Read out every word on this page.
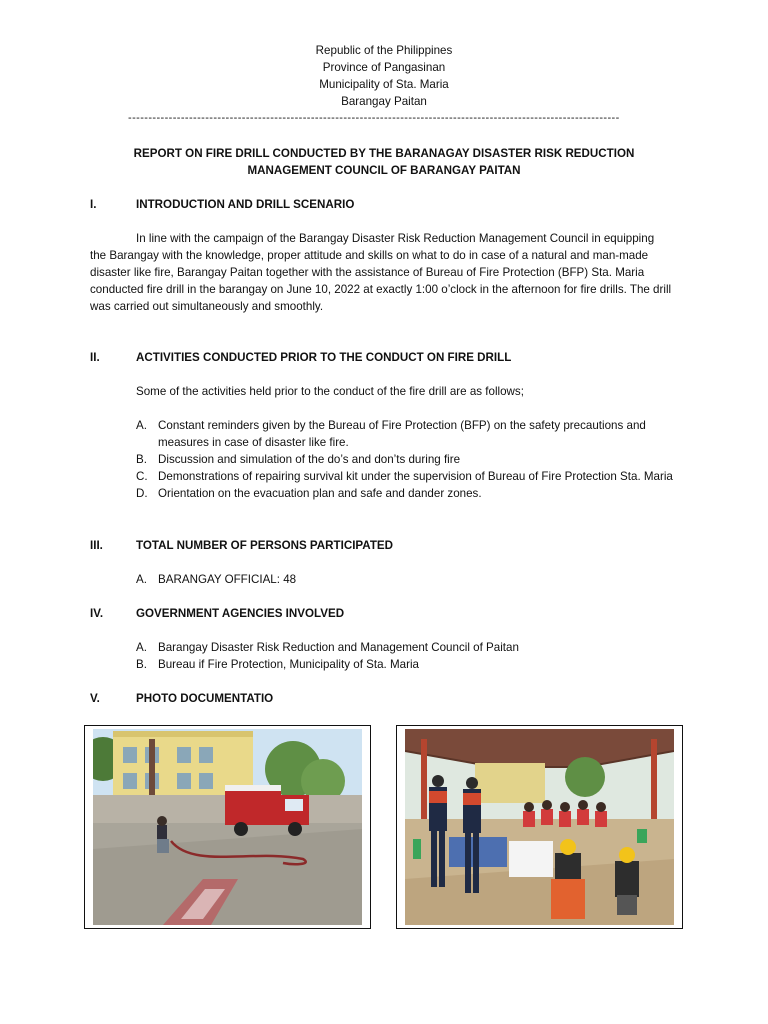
Republic of the Philippines
Province of Pangasinan
Municipality of Sta. Maria
Barangay Paitan
-------------------------------------------------------------------------------------------------------------------------
REPORT ON FIRE DRILL CONDUCTED BY THE BARANAGAY DISASTER RISK REDUCTION
MANAGEMENT COUNCIL OF BARANGAY PAITAN
I.	INTRODUCTION AND DRILL SCENARIO
In line with the campaign of the Barangay Disaster Risk Reduction Management Council in equipping the Barangay with the knowledge, proper attitude and skills on what to do in case of a natural and man-made disaster like fire, Barangay Paitan together with the assistance of Bureau of Fire Protection (BFP) Sta. Maria conducted fire drill in the barangay on June 10, 2022 at exactly 1:00 o’clock in the afternoon for fire drills. The drill was carried out simultaneously and smoothly.
II.	ACTIVITIES CONDUCTED PRIOR TO THE CONDUCT ON FIRE DRILL
Some of the activities held prior to the conduct of the fire drill are as follows;
A. Constant reminders given by the Bureau of Fire Protection (BFP) on the safety precautions and measures in case of disaster like fire.
B. Discussion and simulation of the do’s and don’ts during fire
C. Demonstrations of repairing survival kit under the supervision of Bureau of Fire Protection Sta. Maria
D. Orientation on the evacuation plan and safe and dander zones.
III.	TOTAL NUMBER OF PERSONS PARTICIPATED
A. BARANGAY OFFICIAL: 48
IV.	GOVERNMENT AGENCIES INVOLVED
A. Barangay Disaster Risk Reduction and Management Council of Paitan
B. Bureau if Fire Protection, Municipality of Sta. Maria
V.	PHOTO DOCUMENTATIO
